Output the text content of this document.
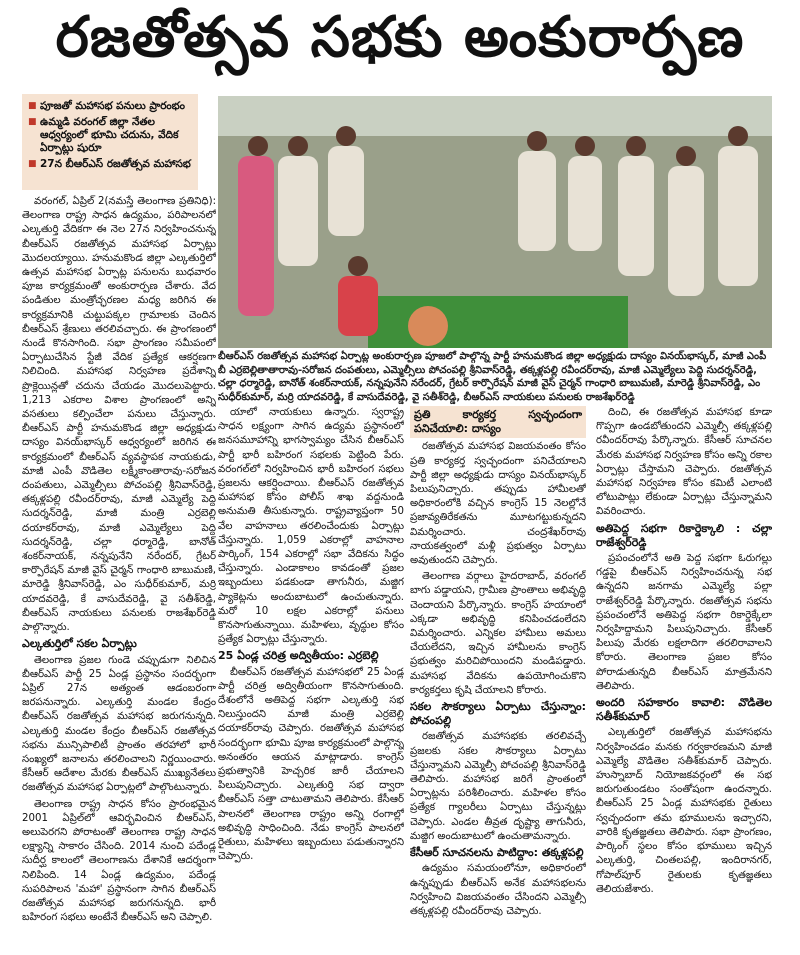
రజతోత్సవ సభకు అంకురార్పణ
■ పూజతో మహాసభ పనులు ప్రారంభం
■ ఉమ్మడి వరంగల్ జిల్లా నేతల ఆధ్వర్యంలో భూమి చదును, వేదిక ఏర్పాట్లు షురూ
■ 27న బీఆర్ఎస్ రజతోత్సవ మహాసభ
బీఆర్ఎస్ రజతోత్సవ మహాసభ ఏర్పాట్ల అంకురార్పణ పూజలో పాల్గొన్న పార్టీ హనుమకొండ జిల్లా అధ్యక్షుడు దాస్యం వినయ్‌భాస్కర్, మాజీ ఎంపీ బీ ఎర్రబెల్లితాతారావు-సరోజన దంపతులు, ఎమ్మెల్సీలు పోచంపల్లి శ్రీనివాస్‌రెడ్డి, తక్కళ్లపల్లి రవీందర్‌రావు, మాజీ ఎమ్మెల్యేలు పెద్ది సుదర్శన్‌రెడ్డి, చల్లా ధర్మారెడ్డి, బానోత్ శంకర్‌నాయక్, నన్నపునేని నరేందర్, గ్రేటర్ కార్పొరేషన్ మాజీ వైస్ చైర్మన్ గాంధారి బాబుమణి, మారెడ్డి శ్రీనివాస్‌రెడ్డి, ఎం సుధీర్‌కుమార్, మర్రి యాదవరెడ్డి, కే వాసుదేవరెడ్డి, వై సతీశ్‌రెడ్డి, బీఆర్ఎస్ నాయకులు పనులకు రాజశేఖర్‌రెడ్డి

వరంగల్, ఏప్రిల్ 2(నమస్తే తెలంగాణ ప్రతినిధి): తెలంగాణ రాష్ట్ర సాధన ఉద్యమం, పరిపాలనలో ఎల్కతుర్తి వేదికగా ఈ నెల 27న నిర్వహించనున్న బీఆర్ఎస్ రజతోత్సవ మహాసభ ఏర్పాట్లు మొదలయ్యాయి. హనుమకొండ జిల్లా ఎల్కతుర్తిలో ఉత్సవ మహాసభ ఏర్పాట్ల పనులను బుధవారం పూజ కార్యక్రమంతో అంకురార్పణ చేశారు. వేద పండితుల మంత్రోచ్ఛరణల మధ్య జరిగిన ఈ కార్యక్రమానికి చుట్టుపక్కల గ్రామాలకు చెందిన బీఆర్ఎస్ శ్రేణులు తరలివచ్చారు. ఈ ప్రాంగణంలో నుండే కొనసాగింది. సభా ప్రాంగణం సమీపంలో ఏర్పాటుచేసిన స్టేజీ వేదిక ప్రత్యేక ఆకర్షణగా నిలిచింది. మహాసభ నిర్వహణ ప్రదేశాన్ని ప్రొక్లెయిన్లతో చదును చేయడం మొదలుపెట్టారు. 1,213 ఎకరాల విశాల ప్రాంగణంలో అన్ని వసతులు కల్పించేలా పనులు చేస్తున్నారు. బీఆర్ఎస్ పార్టీ హనుమకొండ జిల్లా అధ్యక్షుడు దాస్యం వినయ్‌భాస్కర్ ఆధ్వర్యంలో జరిగిన ఈ కార్యక్రమంలో బీఆర్ఎస్ వ్యవస్థాపక నాయకుడు, మాజీ ఎంపీ వొడితెల లక్ష్మీకాంతారావు-సరోజన దంపతులు, ఎమ్మెల్సీలు పోచంపల్లి శ్రీనివాస్‌రెడ్డి, తక్కళ్లపల్లి రవీందర్‌రావు, మాజీ ఎమ్మెల్యే పెద్ది సుదర్శన్‌రెడ్డి, మాజీ మంత్రి ఎర్రబెల్లి దయాకర్‌రావు, మాజీ ఎమ్మెల్యేలు పెద్ది సుదర్శన్‌రెడ్డి, చల్లా ధర్మారెడ్డి, బానోత్ శంకర్‌నాయక్, నన్నపునేని నరేందర్, గ్రేటర్ కార్పొరేషన్ మాజీ వైస్ చైర్మన్ గాంధారి బాబుమణి, మారెడ్డి శ్రీనివాస్‌రెడ్డి, ఎం సుధీర్‌కుమార్, మర్రి యాదవరెడ్డి, కే వాసుదేవరెడ్డి, వై సతీశ్‌రెడ్డి, బీఆర్ఎస్ నాయకులు పనులకు రాజశేఖర్‌రెడ్డి పాల్గొన్నారు.

ఎల్కతుర్తిలో సకల ఏర్పాట్లు

తెలంగాణ ప్రజల గుండె చప్పుడుగా నిలిచిన బీఆర్ఎస్ పార్టీ 25 ఏండ్ల ప్రస్థానం సందర్భంగా ఏప్రిల్ 27న అత్యంత ఆడంబరంగా జరపనున్నారు. ఎల్కతుర్తి మండల కేంద్రం బీఆర్ఎస్ రజతోత్సవ మహాసభ జరుగనున్నది. ఎల్కతుర్తి మండల కేంద్రం బీఆర్ఎస్ రజతోత్సవ సభను మున్సిపాలిటీ ప్రాంతం తరహాలో భారీ సంఖ్యలో జనాలను తరలించాలని నిర్ణయించారు. కేసీఆర్ ఆదేశాల మేరకు బీఆర్ఎస్ ముఖ్యనేతలు రజతోత్సవ మహాసభ ఏర్పాట్లలో పాల్గొంటున్నారు.

తెలంగాణ రాష్ట్ర సాధన కోసం ప్రారంభమైన 2001 ఏప్రిల్‌లో ఆవిర్భవించిన బీఆర్ఎస్, అలుపెరగని పోరాటంతో తెలంగాణ రాష్ట్ర సాధన లక్ష్యాన్ని సాకారం చేసింది. 2014 నుంచి పదేండ్ల సుదీర్ఘ కాలంలో తెలంగాణను దేశానికే ఆదర్శంగా నిలిపింది. 14 ఏండ్ల ఉద్యమం, పదేండ్ల సుపరిపాలన 'మహా' ప్రస్థానంగా సాగిన బీఆర్ఎస్ రజతోత్సవ మహాసభ జరుగనున్నది. భారీ బహిరంగ సభలు అంటేనే బీఆర్ఎస్ అని చెప్పాలి.

యాలో నాయకులు ఉన్నారు. స్వరాష్ట్ర సాధన లక్ష్యంగా సాగిన ఉద్యమ ప్రస్థానంలో జనసమూహాన్ని భాగస్వామ్యం చేసిన బీఆర్ఎస్ పార్టీ భారీ బహిరంగ సభలకు పెట్టింది పేరు. వరంగల్‌లో నిర్వహించిన భారీ బహిరంగ సభలు ప్రజలను ఆకర్షించాయి. బీఆర్ఎస్ రజతోత్సవ మహాసభ కోసం పోలీస్ శాఖ వద్దనుండి అనుమతి తీసుకున్నారు. రాష్ట్రవ్యాప్తంగా 50 వేల వాహనాలు తరలించేందుకు ఏర్పాట్లు చేస్తున్నారు. 1,059 ఎకరాల్లో వాహనాల పార్కింగ్, 154 ఎకరాల్లో సభా వేదికను సిద్ధం చేస్తున్నారు. ఎండాకాలం కావడంతో ప్రజల ఇబ్బందులు పడకుండా తాగునీరు, మజ్జిగ ప్యాకెట్లను అందుబాటులో ఉంచుతున్నారు. మరో 10 లక్షల ఎకరాల్లో పనులు కొనసాగుతున్నాయి. మహిళలు, వృద్ధుల కోసం ప్రత్యేక ఏర్పాట్లు చేస్తున్నారు.

25 ఏండ్ల చరిత్ర అద్వితీయం: ఎర్రబెల్లి

బీఆర్ఎస్ రజతోత్సవ మహాసభలో 25 ఏండ్ల పార్టీ చరిత్ర అద్వితీయంగా కొనసాగుతుంది. దేశంలోనే అతిపెద్ద సభగా ఎల్కతుర్తి సభ నిలుస్తుందని మాజీ మంత్రి ఎర్రబెల్లి దయాకర్‌రావు చెప్పారు. రజతోత్సవ మహాసభ సందర్భంగా భూమి పూజ కార్యక్రమంలో పాల్గొన్న అనంతరం ఆయన మాట్లాడారు. కాంగ్రెస్ ప్రభుత్వానికి హెచ్చరిక జారీ చేయాలని పిలుపునిచ్చారు. ఎల్కతుర్తి సభ ద్వారా బీఆర్ఎస్ సత్తా చాటుతామని తెలిపారు. కేసీఆర్ పాలనలో తెలంగాణ రాష్ట్రం అన్ని రంగాల్లో అభివృద్ధి సాధించింది. నేడు కాంగ్రెస్ పాలనలో రైతులు, మహిళలు ఇబ్బందులు పడుతున్నారని చెప్పారు.

ప్రతి కార్యకర్త స్వచ్ఛందంగా పనిచేయాలి: దాస్యం

రజతోత్సవ మహాసభ విజయవంతం కోసం ప్రతి కార్యకర్త స్వచ్ఛందంగా పనిచేయాలని పార్టీ జిల్లా అధ్యక్షుడు దాస్యం వినయ్‌భాస్కర్ పిలుపునిచ్చారు. తప్పుడు హామీలతో అధికారంలోకి వచ్చిన కాంగ్రెస్ 15 నెలల్లోనే ప్రజావ్యతిరేకతను మూటగట్టుకున్నదని విమర్శించారు. చంద్రశేఖర్‌రావు నాయకత్వంలో మళ్లీ ప్రభుత్వం ఏర్పాటు అవుతుందని చెప్పారు.

తెలంగాణ వర్గాలు హైదరాబాద్, వరంగల్ బాగు పడ్డాయని, గ్రామీణ ప్రాంతాలు అభివృద్ధి చెందాయని పేర్కొన్నారు. కాంగ్రెస్ హయాంలో ఎక్కడా అభివృద్ధి కనిపించడంలేదని విమర్శించారు. ఎన్నికల హామీలు అమలు చేయలేదని, ఇచ్చిన హామీలను కాంగ్రెస్ ప్రభుత్వం మరిచిపోయిందని మండిపడ్డారు. మహాసభ వేదికను ఉపయోగించుకొని కార్యకర్తలు కృషి చేయాలని కోరారు.

సకల సౌకర్యాలు ఏర్పాటు చేస్తున్నాం: పోచంపల్లి

రజతోత్సవ మహాసభకు తరలివచ్చే ప్రజలకు సకల సౌకర్యాలు ఏర్పాటు చేస్తున్నామని ఎమ్మెల్సీ పోచంపల్లి శ్రీనివాస్‌రెడ్డి తెలిపారు. మహాసభ జరిగే ప్రాంతంలో ఏర్పాట్లను పరిశీలించారు. మహిళల కోసం ప్రత్యేక గ్యాలరీలు ఏర్పాటు చేస్తున్నట్లు చెప్పారు. ఎండల తీవ్రత దృష్ట్యా తాగునీరు, మజ్జిగ అందుబాటులో ఉంచుతామన్నారు.

కేసీఆర్ సూచనలను పాటిద్దాం: తక్కళ్లపల్లి

ఉద్యమం సమయంలోనూ, అధికారంలో ఉన్నప్పుడు బీఆర్ఎస్ అనేక మహాసభలను నిర్వహించి విజయవంతం చేసిందని ఎమ్మెల్సీ తక్కళ్లపల్లి రవీందర్‌రావు చెప్పారు.

దించి, ఈ రజతోత్సవ మహాసభ కూడా గొప్పగా ఉండబోతుందని ఎమ్మెల్సీ తక్కళ్లపల్లి రవీందర్‌రావు పేర్కొన్నారు. కేసీఆర్ సూచనల మేరకు మహాసభ నిర్వహణ కోసం అన్ని రకాల ఏర్పాట్లు చేస్తామని చెప్పారు. రజతోత్సవ మహాసభ నిర్వహణ కోసం కమిటీ ఎలాంటి లోటుపాట్లు లేకుండా ఏర్పాట్లు చేస్తున్నామని వివరించారు.

అతిపెద్ద సభగా రికార్డెక్కాలి : చల్లా రాజేశ్వర్‌రెడ్డి

ప్రపంచంలోనే అతి పెద్ద సభగా ఓరుగల్లు గడ్డపై బీఆర్ఎస్ నిర్వహించనున్న సభ ఉన్నదని జనగామ ఎమ్మెల్యే పల్లా రాజేశ్వర్‌రెడ్డి పేర్కొన్నారు. రజతోత్సవ సభను ప్రపంచంలోనే అతిపెద్ద సభగా రికార్డెక్కేలా నిర్వహిద్దామని పిలుపునిచ్చారు. కేసీఆర్ పిలుపు మేరకు లక్షలాదిగా తరలిరావాలని కోరారు. తెలంగాణ ప్రజల కోసం పోరాడుతున్నది బీఆర్ఎస్ మాత్రమేనని తెలిపారు.

అందరి సహకారం కావాలి: వొడితెల సతీశ్‌కుమార్

ఎల్కతుర్తిలో రజతోత్సవ మహాసభను నిర్వహించడం మనకు గర్వకారణమని మాజీ ఎమ్మెల్యే వొడితెల సతీశ్‌కుమార్ చెప్పారు. హుస్నాబాద్ నియోజకవర్గంలో ఈ సభ జరుగుతుండటం సంతోషంగా ఉందన్నారు. బీఆర్ఎస్ 25 ఏండ్ల మహాసభకు రైతులు స్వచ్ఛందంగా తమ భూములను ఇచ్చారని, వారికి కృతజ్ఞతలు తెలిపారు. సభా ప్రాంగణం, పార్కింగ్ స్థలం కోసం భూములు ఇచ్చిన ఎల్కతుర్తి, చింతలపల్లి, ఇందిరానగర్, గోపాల్‌పూర్ రైతులకు కృతజ్ఞతలు తెలియజేశారు.
